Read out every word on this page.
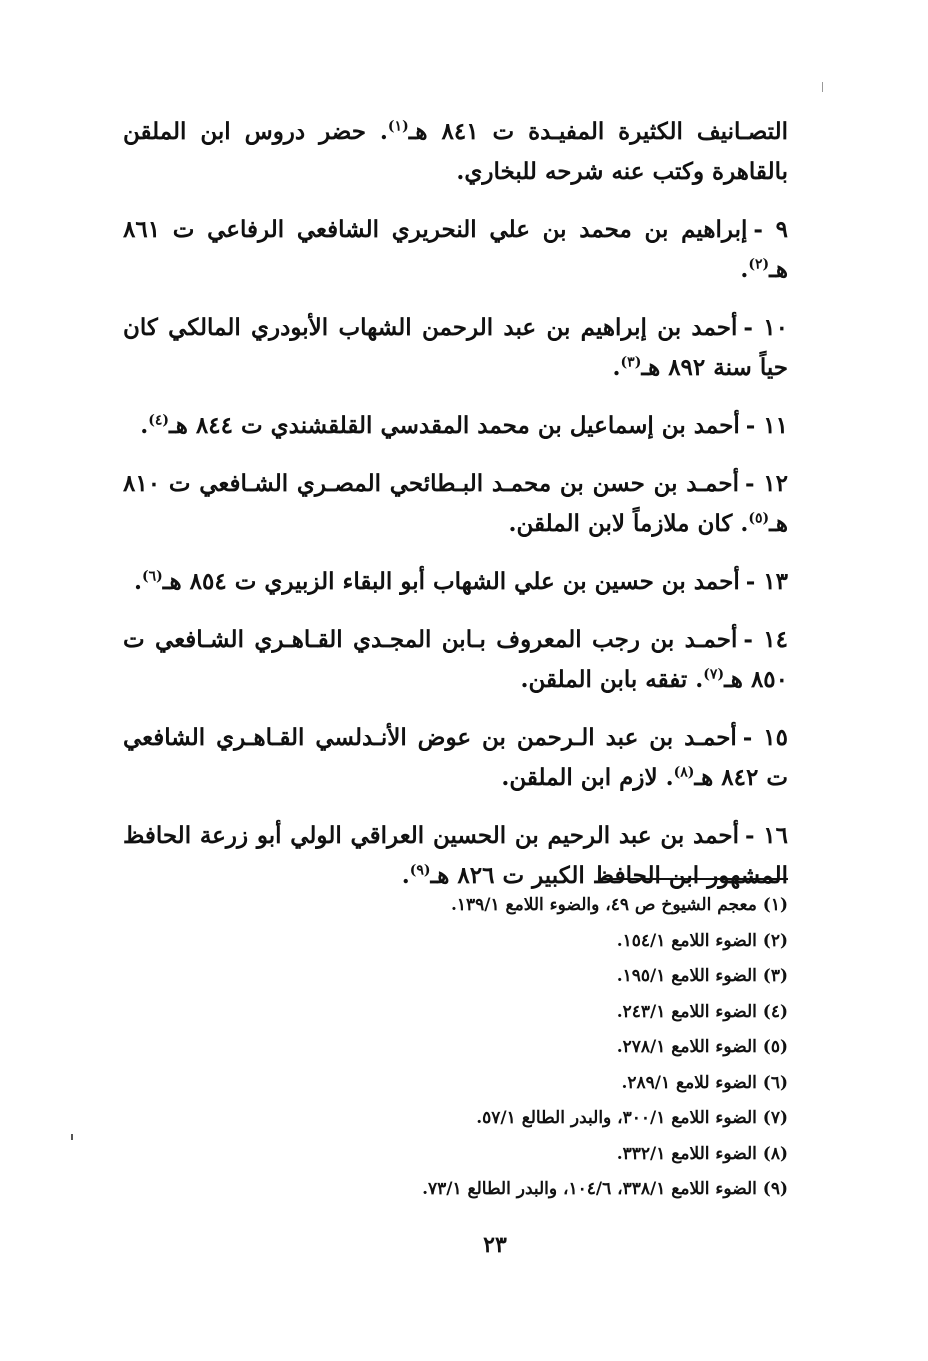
التصـانيف الكثيرة المفيـدة ت ٨٤١ هـ$^{(١)}$. حضر دروس ابن الملقن بالقاهرة وكتب عنه شرحه للبخاري.

٩ -إبراهيم بن محمد بن علي النحريري الشافعي الرفاعي ت ٨٦١ هـ$^{(٢)}$.

١٠ -أحمد بن إبراهيم بن عبد الرحمن الشهاب الأبودري المالكي كان حياً سنة ٨٩٢ هـ$^{(٣)}$.

١١ -أحمد بن إسماعيل بن محمد المقدسي القلقشندي ت ٨٤٤ هـ$^{(٤)}$.

١٢ -أحمـد بن حسن بن محمـد البـطائحي المصـري الشـافعي ت ٨١٠ هـ$^{(٥)}$. كان ملازماً لابن الملقن.

١٣ -أحمد بن حسين بن علي الشهاب أبو البقاء الزبيري ت ٨٥٤ هـ$^{(٦)}$.

١٤ -أحمـد بن رجب المعروف بـابن المجـدي القـاهـري الشـافعي ت ٨٥٠ هـ$^{(٧)}$. تفقه بابن الملقن.

١٥ -أحمـد بن عبد الـرحمن بن عوض الأنـدلسي القـاهـري الشافعي ت ٨٤٢ هـ$^{(٨)}$. لازم ابن الملقن.

١٦ -أحمد بن عبد الرحيم بن الحسين العراقي الولي أبو زرعة الحافظ المشهور ابن الحافظ الكبير ت ٨٢٦ هـ$^{(٩)}$.

(١) معجم الشيوخ ص ٤٩، والضوء اللامع ١٣٩/١.

(٢) الضوء اللامع ١٥٤/١.

(٣) الضوء اللامع ١٩٥/١.

(٤) الضوء اللامع ٢٤٣/١.

(٥) الضوء اللامع ٢٧٨/١.

(٦) الضوء للامع ٢٨٩/١.

(٧) الضوء اللامع ٣٠٠/١، والبدر الطالع ٥٧/١.

(٨) الضوء اللامع ٣٣٢/١.

(٩) الضوء اللامع ٣٣٨/١، ١٠٤/٦، والبدر الطالع ٧٣/١.

٢٣
